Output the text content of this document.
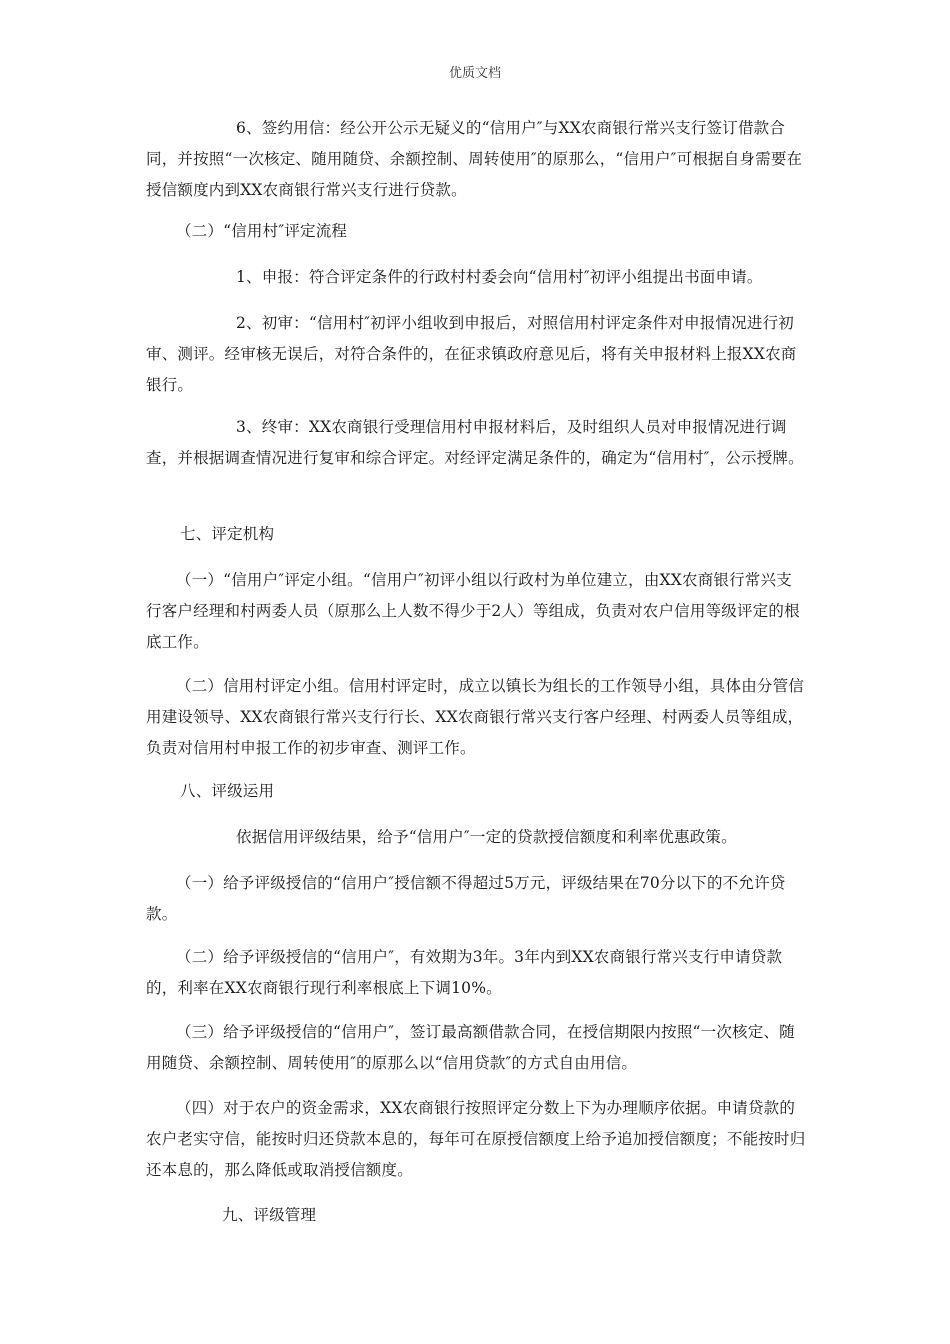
优质文档

6、签约用信：经公开公示无疑义的“信用户″与XX农商银行常兴支行签订借款合同，并按照“一次核定、随用随贷、余额控制、周转使用″的原那么，“信用户″可根据自身需要在授信额度内到XX农商银行常兴支行进行贷款。

（二）“信用村″评定流程

1、申报：符合评定条件的行政村村委会向“信用村″初评小组提出书面申请。

2、初审：“信用村″初评小组收到申报后，对照信用村评定条件对申报情况进行初审、测评。经审核无误后，对符合条件的，在征求镇政府意见后，将有关申报材料上报XX农商银行。

3、终审：XX农商银行受理信用村申报材料后，及时组织人员对申报情况进行调查，并根据调查情况进行复审和综合评定。对经评定满足条件的，确定为“信用村″，公示授牌。

七、评定机构

（一）“信用户″评定小组。“信用户″初评小组以行政村为单位建立，由XX农商银行常兴支行客户经理和村两委人员（原那么上人数不得少于2人）等组成，负责对农户信用等级评定的根底工作。

（二）信用村评定小组。信用村评定时，成立以镇长为组长的工作领导小组，具体由分管信用建设领导、XX农商银行常兴支行行长、XX农商银行常兴支行客户经理、村两委人员等组成，负责对信用村申报工作的初步审查、测评工作。

八、评级运用

依据信用评级结果，给予“信用户″一定的贷款授信额度和利率优惠政策。

（一）给予评级授信的“信用户″授信额不得超过5万元，评级结果在70分以下的不允许贷款。

（二）给予评级授信的“信用户″，有效期为3年。3年内到XX农商银行常兴支行申请贷款的，利率在XX农商银行现行利率根底上下调10%。

（三）给予评级授信的“信用户″，签订最高额借款合同，在授信期限内按照“一次核定、随用随贷、余额控制、周转使用″的原那么以“信用贷款″的方式自由用信。

（四）对于农户的资金需求，XX农商银行按照评定分数上下为办理顺序依据。申请贷款的农户老实守信，能按时归还贷款本息的，每年可在原授信额度上给予追加授信额度；不能按时归还本息的，那么降低或取消授信额度。

九、评级管理
